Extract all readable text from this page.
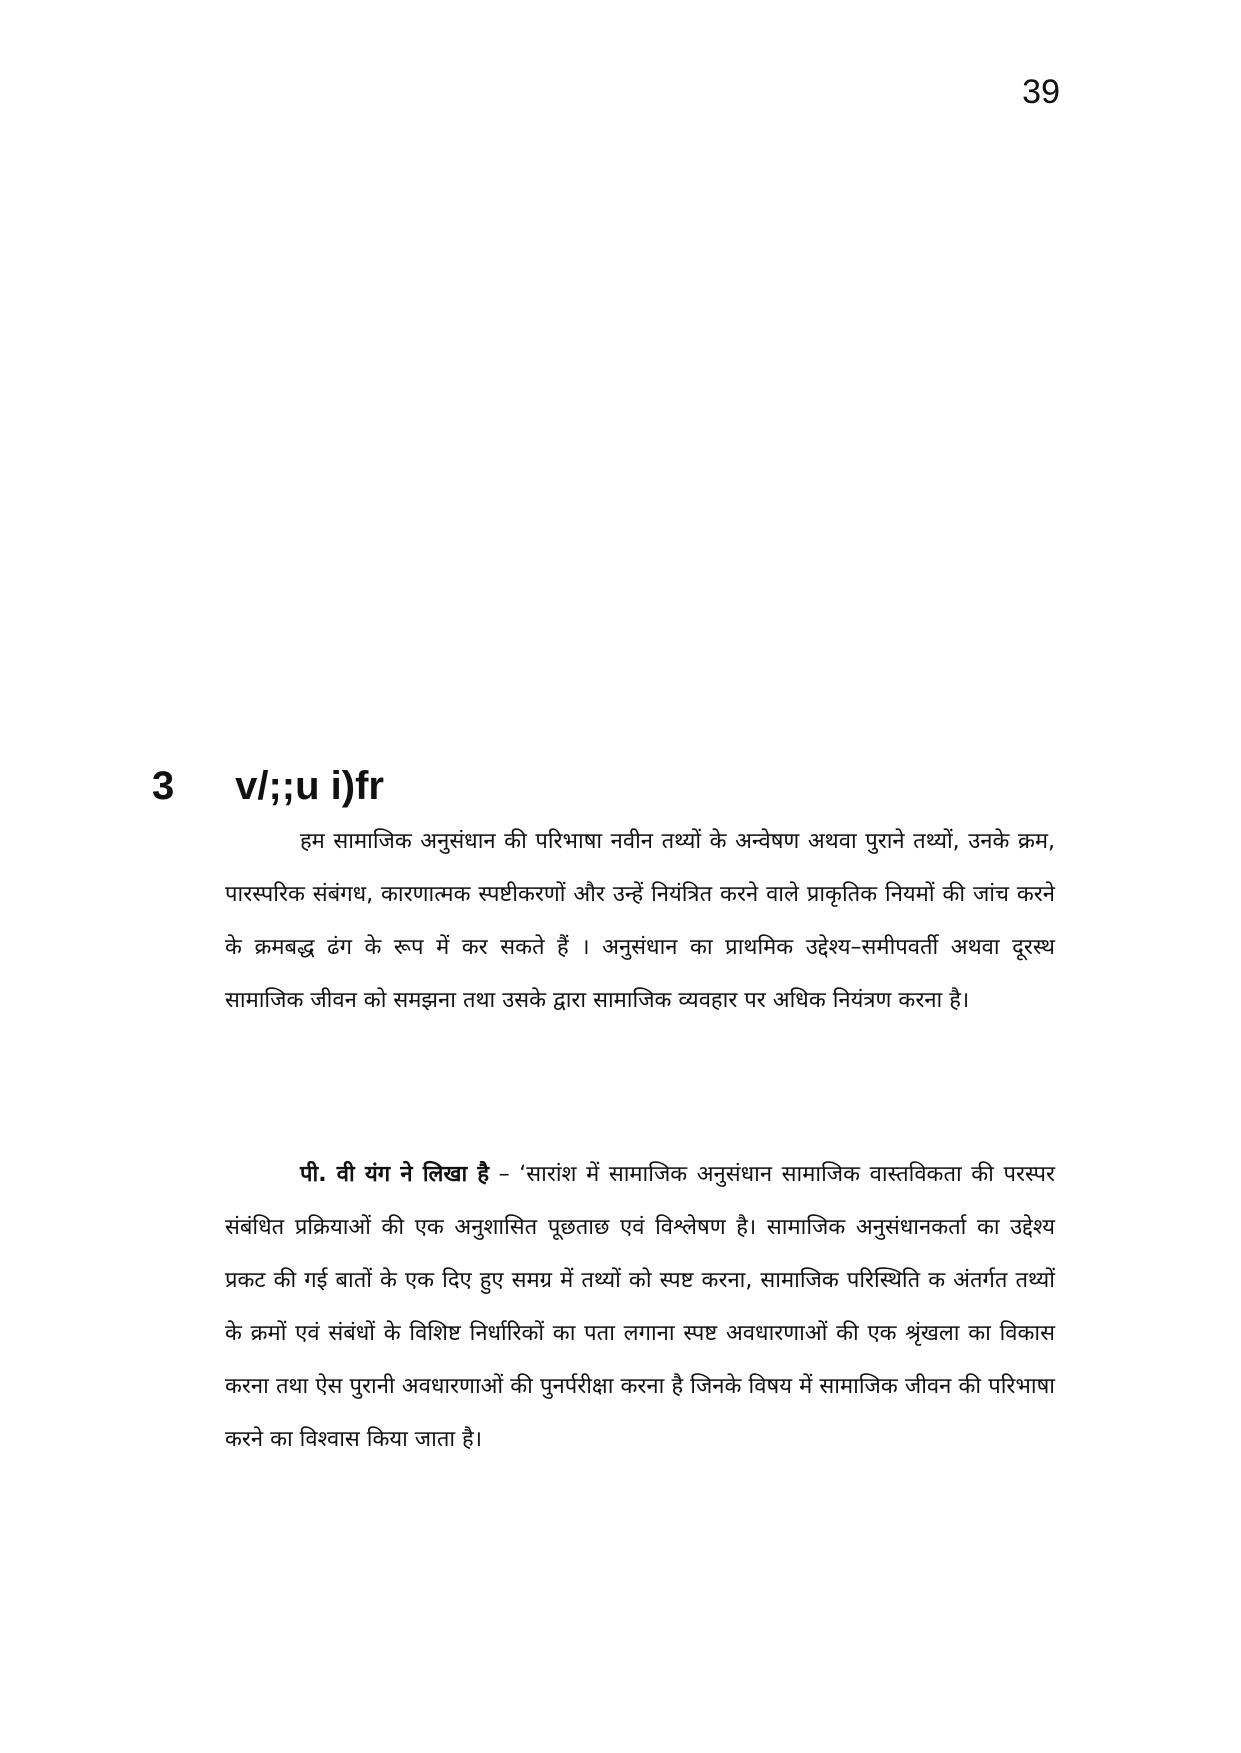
39
3 v/;;u i)fr

हम सामाजिक अनुसंधान की परिभाषा नवीन तथ्यों के अन्वेषण अथवा पुराने तथ्यों, उनके क्रम, पारस्परिक संबंगध, कारणात्मक स्पष्टीकरणों और उन्हें नियंत्रित करने वाले प्राकृतिक नियमों की जांच करने के क्रमबद्ध ढंग के रूप में कर सकते हैं । अनुसंधान का प्राथमिक उद्देश्य–समीपवर्ती अथवा दूरस्थ सामाजिक जीवन को समझना तथा उसके द्वारा सामाजिक व्यवहार पर अधिक नियंत्रण करना है।

पी. वी यंग ने लिखा है – ‘सारांश में सामाजिक अनुसंधान सामाजिक वास्तविकता की परस्पर संबंधित प्रक्रियाओं की एक अनुशासित पूछताछ एवं विश्लेषण है। सामाजिक अनुसंधानकर्ता का उद्देश्य प्रकट की गई बातों के एक दिए हुए समग्र में तथ्यों को स्पष्ट करना, सामाजिक परिस्थिति क अंतर्गत तथ्यों के क्रमों एवं संबंधों के विशिष्ट निर्धारिकों का पता लगाना स्पष्ट अवधारणाओं की एक श्रृंखला का विकास करना तथा ऐस पुरानी अवधारणाओं की पुनर्परीक्षा करना है जिनके विषय में सामाजिक जीवन की परिभाषा करने का विश्वास किया जाता है।
